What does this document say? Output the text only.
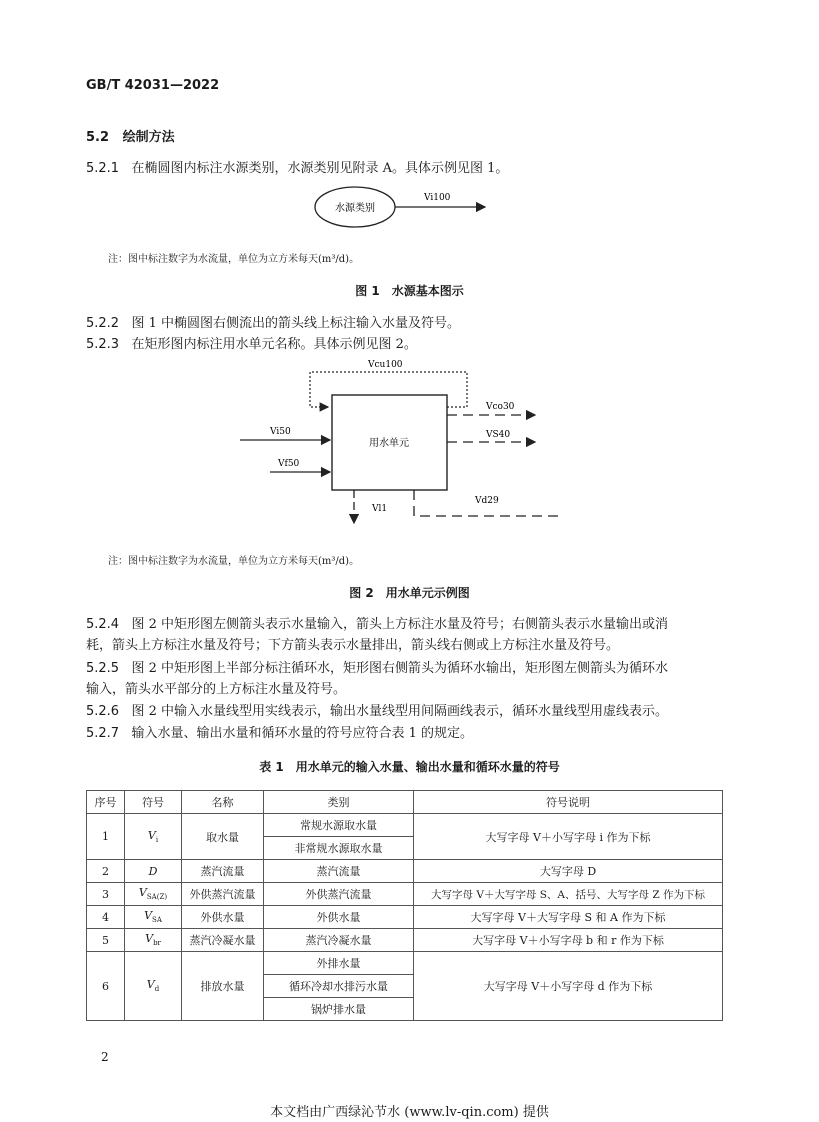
GB/T 42031—2022
5.2 绘制方法
5.2.1 在椭圆图内标注水源类别，水源类别见附录 A。具体示例见图 1。
水源类别
Vi100
注：图中标注数字为水流量，单位为立方米每天(m³/d)。
图 1　水源基本图示
5.2.2 图 1 中椭圆图右侧流出的箭头线上标注输入水量及符号。
5.2.3 在矩形图内标注用水单元名称。具体示例见图 2。
用水单元
Vcu100
Vi50
Vf50
Vco30
VS40
Vl1
Vd29
注：图中标注数字为水流量，单位为立方米每天(m³/d)。
图 2　用水单元示例图
5.2.4 图 2 中矩形图左侧箭头表示水量输入，箭头上方标注水量及符号；右侧箭头表示水量输出或消
耗，箭头上方标注水量及符号；下方箭头表示水量排出，箭头线右侧或上方标注水量及符号。
5.2.5 图 2 中矩形图上半部分标注循环水，矩形图右侧箭头为循环水输出，矩形图左侧箭头为循环水
输入，箭头水平部分的上方标注水量及符号。
5.2.6 图 2 中输入水量线型用实线表示，输出水量线型用间隔画线表示，循环水量线型用虚线表示。
5.2.7 输入水量、输出水量和循环水量的符号应符合表 1 的规定。
表 1　用水单元的输入水量、输出水量和循环水量的符号
序号	符号	名称	类别	符号说明
1	$V_i$	取水量	常规水源取水量	大写字母 V＋小写字母 i 作为下标
			非常规水源取水量	
2	D	蒸汽流量	蒸汽流量	大写字母 D
3	$V_{SA(Z)}$	外供蒸汽流量	外供蒸汽流量	大写字母 V＋大写字母 S、A、括号、大写字母 Z 作为下标
4	$V_{SA}$	外供水量	外供水量	大写字母 V＋大写字母 S 和 A 作为下标
5	$V_{br}$	蒸汽冷凝水量	蒸汽冷凝水量	大写字母 V＋小写字母 b 和 r 作为下标
6	$V_d$	排放水量	外排水量	大写字母 V＋小写字母 d 作为下标
			循环冷却水排污水量	
			锅炉排水量	
2
本文档由广西绿沁节水 (www.lv-qin.com) 提供
